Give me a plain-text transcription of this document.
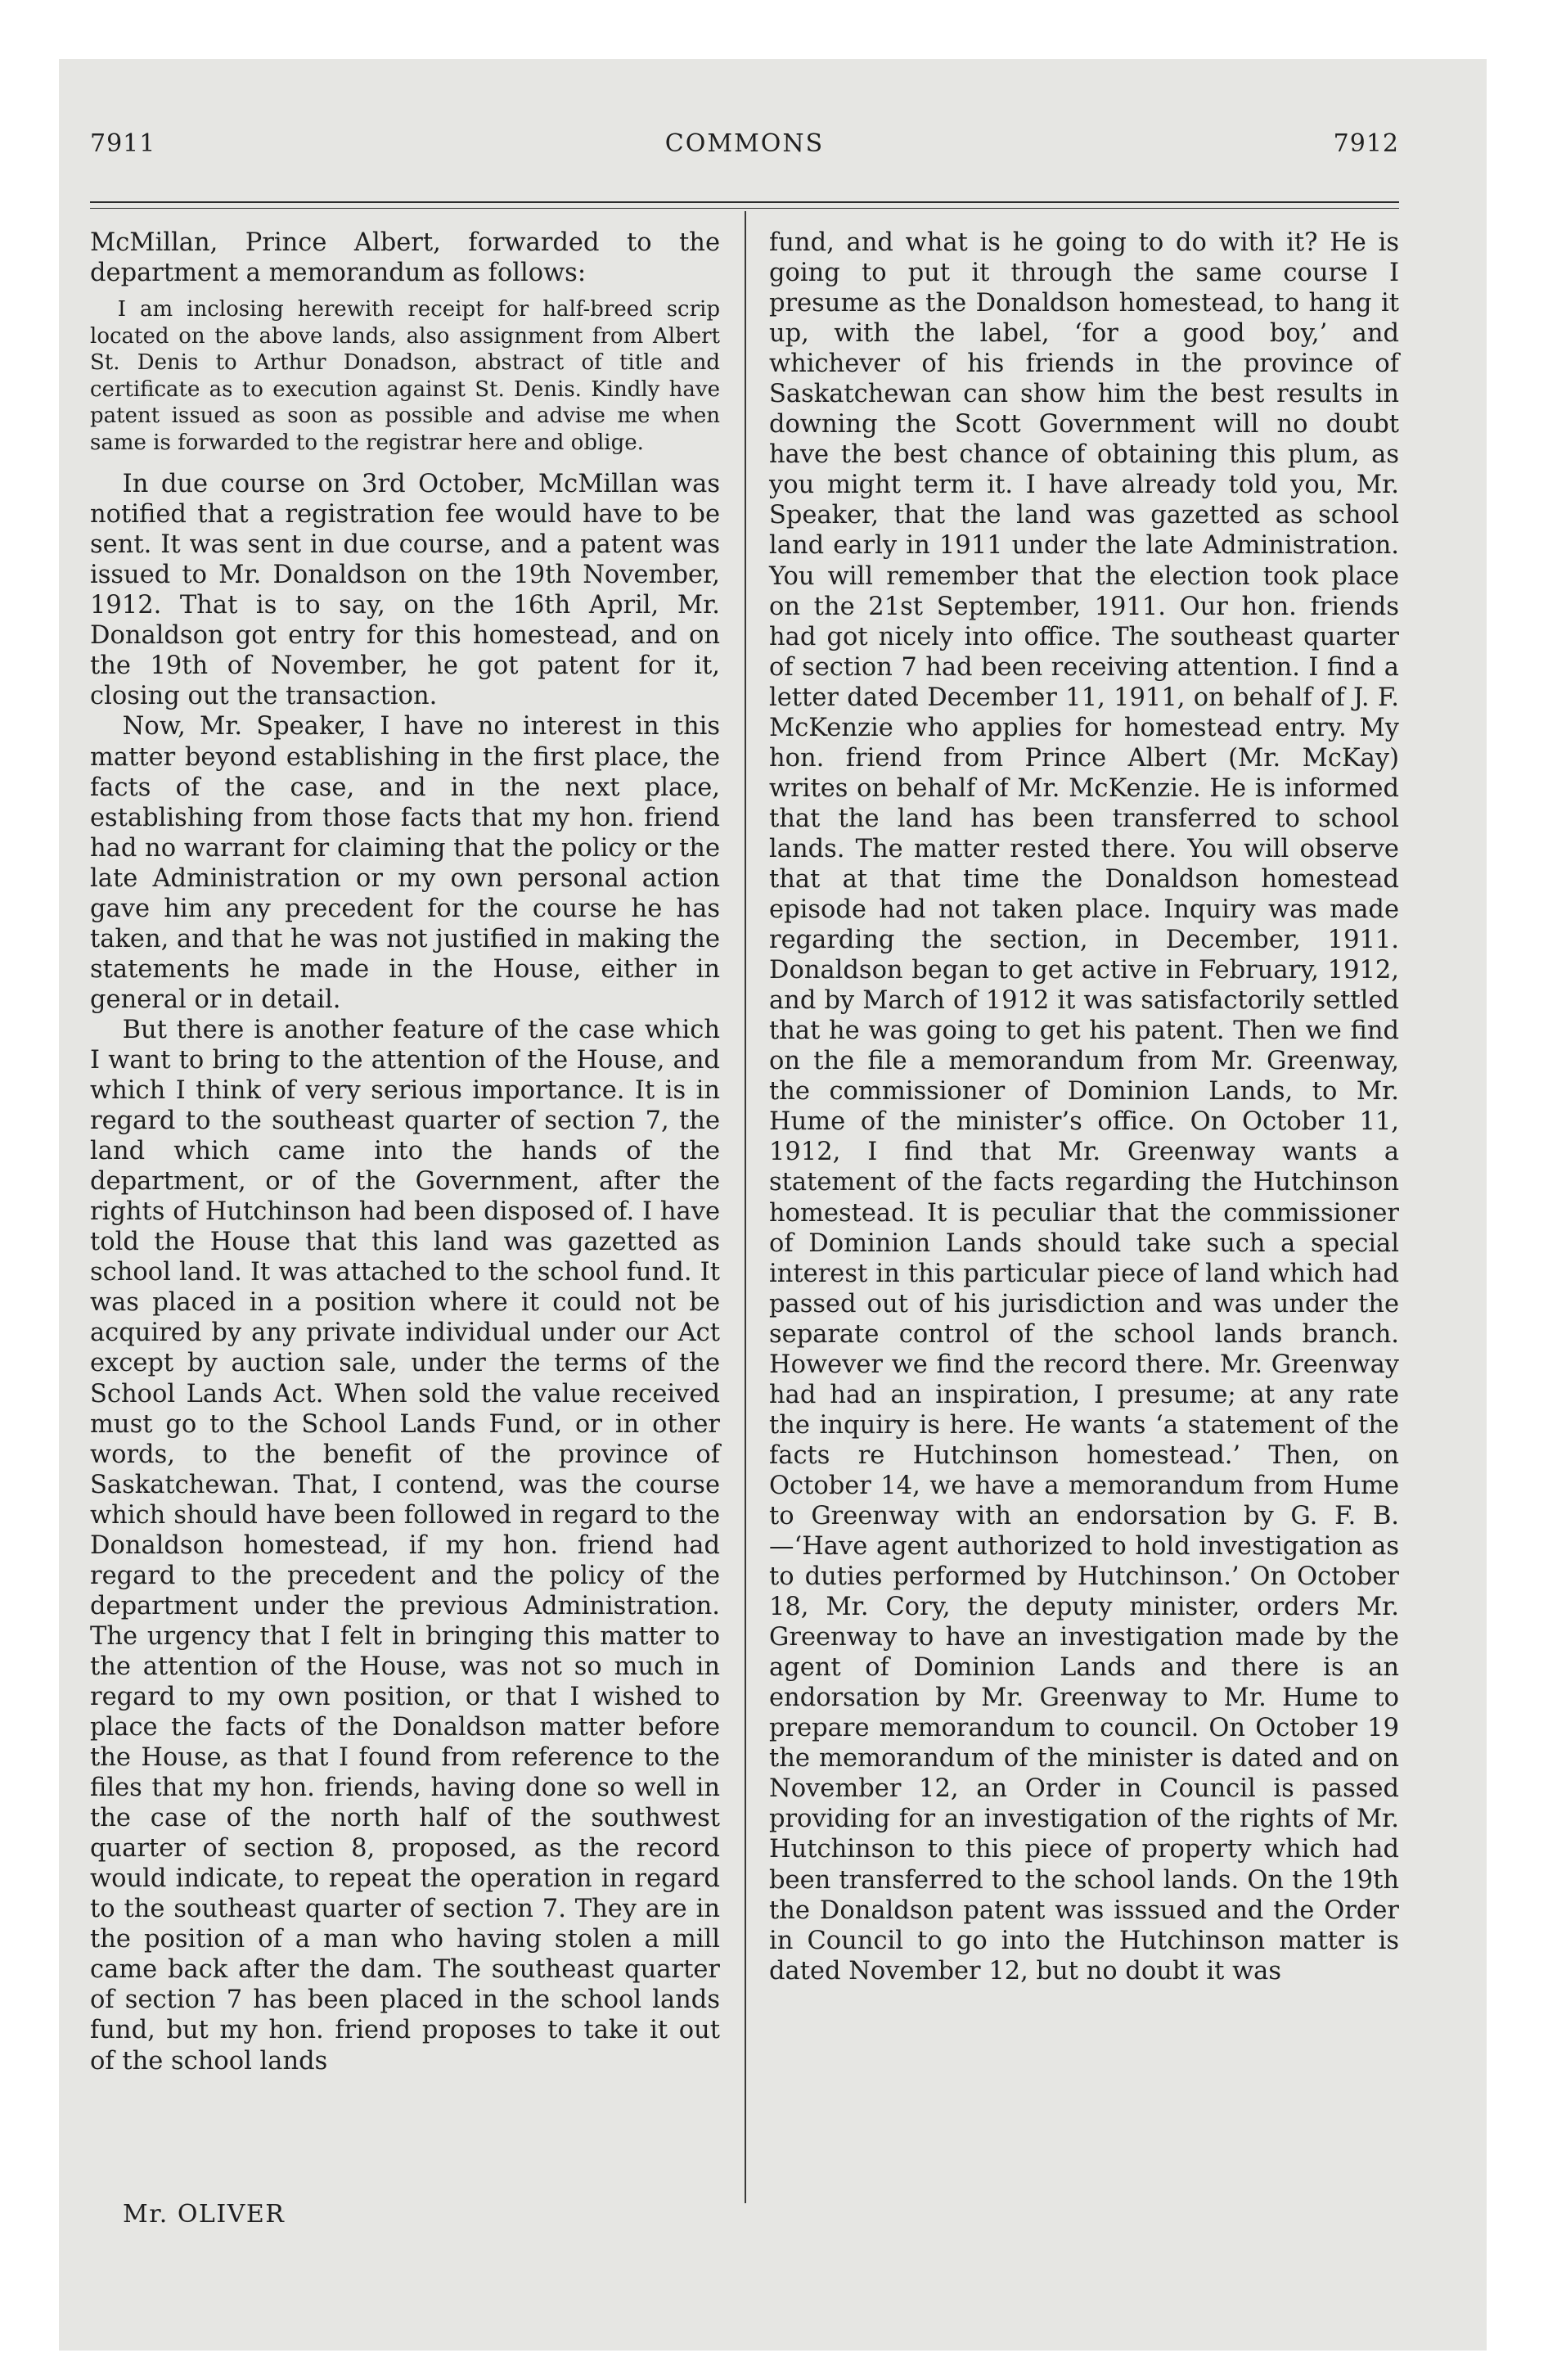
7911	COMMONS	7912

McMillan, Prince Albert, forwarded to the department a memorandum as follows:

I am inclosing herewith receipt for half-breed scrip located on the above lands, also assignment from Albert St. Denis to Arthur Donadson, abstract of title and certificate as to execution against St. Denis. Kindly have patent issued as soon as possible and advise me when same is forwarded to the registrar here and oblige.

In due course on 3rd October, McMillan was notified that a registration fee would have to be sent. It was sent in due course, and a patent was issued to Mr. Donaldson on the 19th November, 1912. That is to say, on the 16th April, Mr. Donaldson got entry for this homestead, and on the 19th of November, he got patent for it, closing out the transaction.

Now, Mr. Speaker, I have no interest in this matter beyond establishing in the first place, the facts of the case, and in the next place, establishing from those facts that my hon. friend had no warrant for claiming that the policy or the late Administration or my own personal action gave him any precedent for the course he has taken, and that he was not justified in making the statements he made in the House, either in general or in detail.

But there is another feature of the case which I want to bring to the attention of the House, and which I think of very serious importance. It is in regard to the southeast quarter of section 7, the land which came into the hands of the department, or of the Government, after the rights of Hutchinson had been disposed of. I have told the House that this land was gazetted as school land. It was attached to the school fund. It was placed in a position where it could not be acquired by any private individual under our Act except by auction sale, under the terms of the School Lands Act. When sold the value received must go to the School Lands Fund, or in other words, to the benefit of the province of Saskatchewan. That, I contend, was the course which should have been followed in regard to the Donaldson homestead, if my hon. friend had regard to the precedent and the policy of the department under the previous Administration. The urgency that I felt in bringing this matter to the attention of the House, was not so much in regard to my own position, or that I wished to place the facts of the Donaldson matter before the House, as that I found from reference to the files that my hon. friends, having done so well in the case of the north half of the southwest quarter of section 8, proposed, as the record would indicate, to repeat the operation in regard to the southeast quarter of section 7. They are in the position of a man who having stolen a mill came back after the dam. The southeast quarter of section 7 has been placed in the school lands fund, but my hon. friend proposes to take it out of the school lands

fund, and what is he going to do with it? He is going to put it through the same course I presume as the Donaldson homestead, to hang it up, with the label, ‘for a good boy,’ and whichever of his friends in the province of Saskatchewan can show him the best results in downing the Scott Government will no doubt have the best chance of obtaining this plum, as you might term it. I have already told you, Mr. Speaker, that the land was gazetted as school land early in 1911 under the late Administration. You will remember that the election took place on the 21st September, 1911. Our hon. friends had got nicely into office. The southeast quarter of section 7 had been receiving attention. I find a letter dated December 11, 1911, on behalf of J. F. McKenzie who applies for homestead entry. My hon. friend from Prince Albert (Mr. McKay) writes on behalf of Mr. McKenzie. He is informed that the land has been transferred to school lands. The matter rested there. You will observe that at that time the Donaldson homestead episode had not taken place. Inquiry was made regarding the section, in December, 1911. Donaldson began to get active in February, 1912, and by March of 1912 it was satisfactorily settled that he was going to get his patent. Then we find on the file a memorandum from Mr. Greenway, the commissioner of Dominion Lands, to Mr. Hume of the minister’s office. On October 11, 1912, I find that Mr. Greenway wants a statement of the facts regarding the Hutchinson homestead. It is peculiar that the commissioner of Dominion Lands should take such a special interest in this particular piece of land which had passed out of his jurisdiction and was under the separate control of the school lands branch. However we find the record there. Mr. Greenway had had an inspiration, I presume; at any rate the inquiry is here. He wants ‘a statement of the facts re Hutchinson homestead.’ Then, on October 14, we have a memorandum from Hume to Greenway with an endorsation by G. F. B.—‘Have agent authorized to hold investigation as to duties performed by Hutchinson.’ On October 18, Mr. Cory, the deputy minister, orders Mr. Greenway to have an investigation made by the agent of Dominion Lands and there is an endorsation by Mr. Greenway to Mr. Hume to prepare memorandum to council. On October 19 the memorandum of the minister is dated and on November 12, an Order in Council is passed providing for an investigation of the rights of Mr. Hutchinson to this piece of property which had been transferred to the school lands. On the 19th the Donaldson patent was isssued and the Order in Council to go into the Hutchinson matter is dated November 12, but no doubt it was

Mr. OLIVER
